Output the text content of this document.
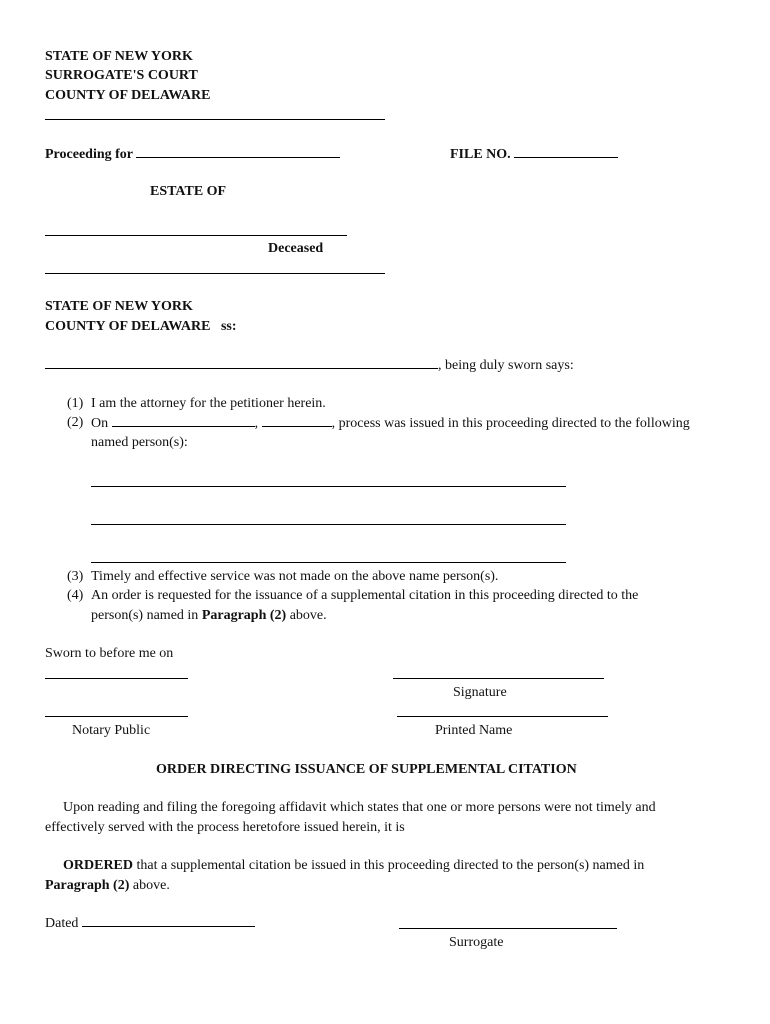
STATE OF NEW YORK
SURROGATE'S COURT
COUNTY OF DELAWARE
Proceeding for	FILE NO.
ESTATE OF
Deceased
STATE OF NEW YORK
COUNTY OF DELAWARE ss:
, being duly sworn says:
(1) I am the attorney for the petitioner herein.
(2) On	,	, process was issued in this proceeding directed to the following
named person(s):
(3) Timely and effective service was not made on the above name person(s).
(4) An order is requested for the issuance of a supplemental citation in this proceeding directed to the
person(s) named in Paragraph (2) above.
Sworn to before me on
Signature
Notary Public	Printed Name
ORDER DIRECTING ISSUANCE OF SUPPLEMENTAL CITATION
Upon reading and filing the foregoing affidavit which states that one or more persons were not timely and
effectively served with the process heretofore issued herein, it is
ORDERED that a supplemental citation be issued in this proceeding directed to the person(s) named in
Paragraph (2) above.
Dated
Surrogate
